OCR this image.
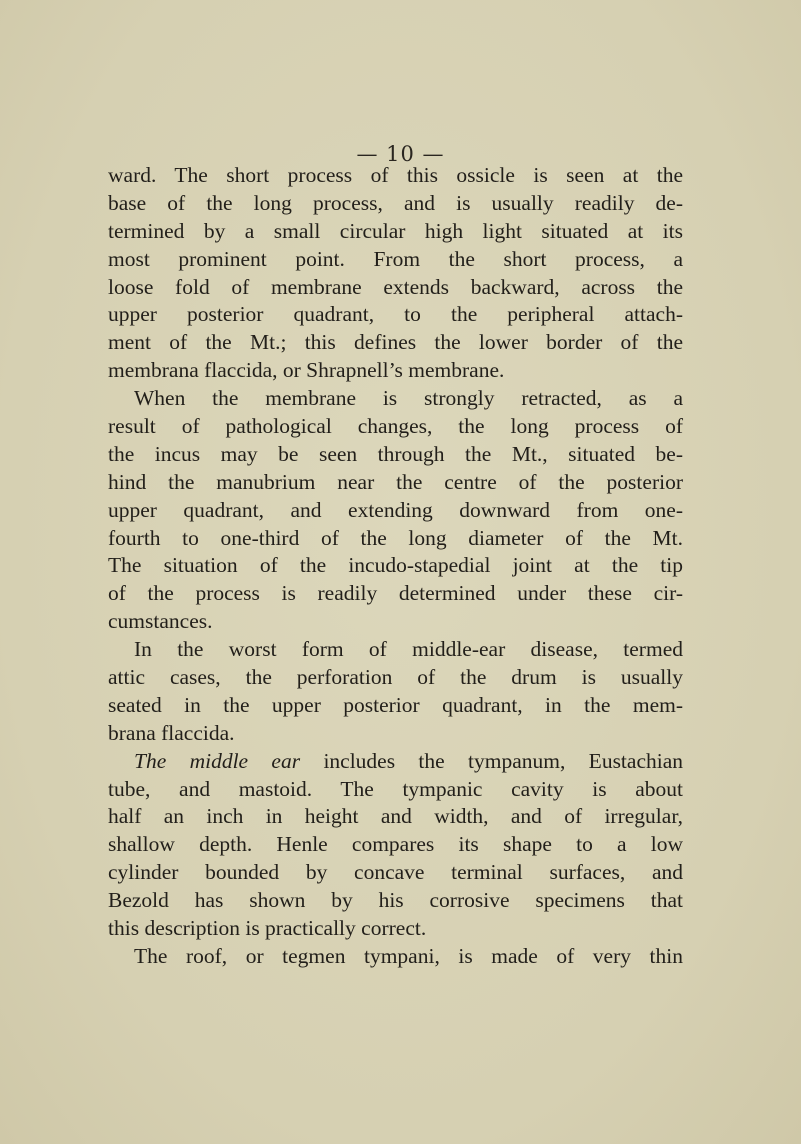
— 10 —
ward. The short process of this ossicle is seen at the
base of the long process, and is usually readily de-
termined by a small circular high light situated at its
most prominent point. From the short process, a
loose fold of membrane extends backward, across the
upper posterior quadrant, to the peripheral attach-
ment of the Mt.; this defines the lower border of the
membrana flaccida, or Shrapnell’s membrane.
When the membrane is strongly retracted, as a
result of pathological changes, the long process of
the incus may be seen through the Mt., situated be-
hind the manubrium near the centre of the posterior
upper quadrant, and extending downward from one-
fourth to one-third of the long diameter of the Mt.
The situation of the incudo-stapedial joint at the tip
of the process is readily determined under these cir-
cumstances.
In the worst form of middle-ear disease, termed
attic cases, the perforation of the drum is usually
seated in the upper posterior quadrant, in the mem-
brana flaccida.
The middle ear includes the tympanum, Eustachian
tube, and mastoid. The tympanic cavity is about
half an inch in height and width, and of irregular,
shallow depth. Henle compares its shape to a low
cylinder bounded by concave terminal surfaces, and
Bezold has shown by his corrosive specimens that
this description is practically correct.
The roof, or tegmen tympani, is made of very thin
